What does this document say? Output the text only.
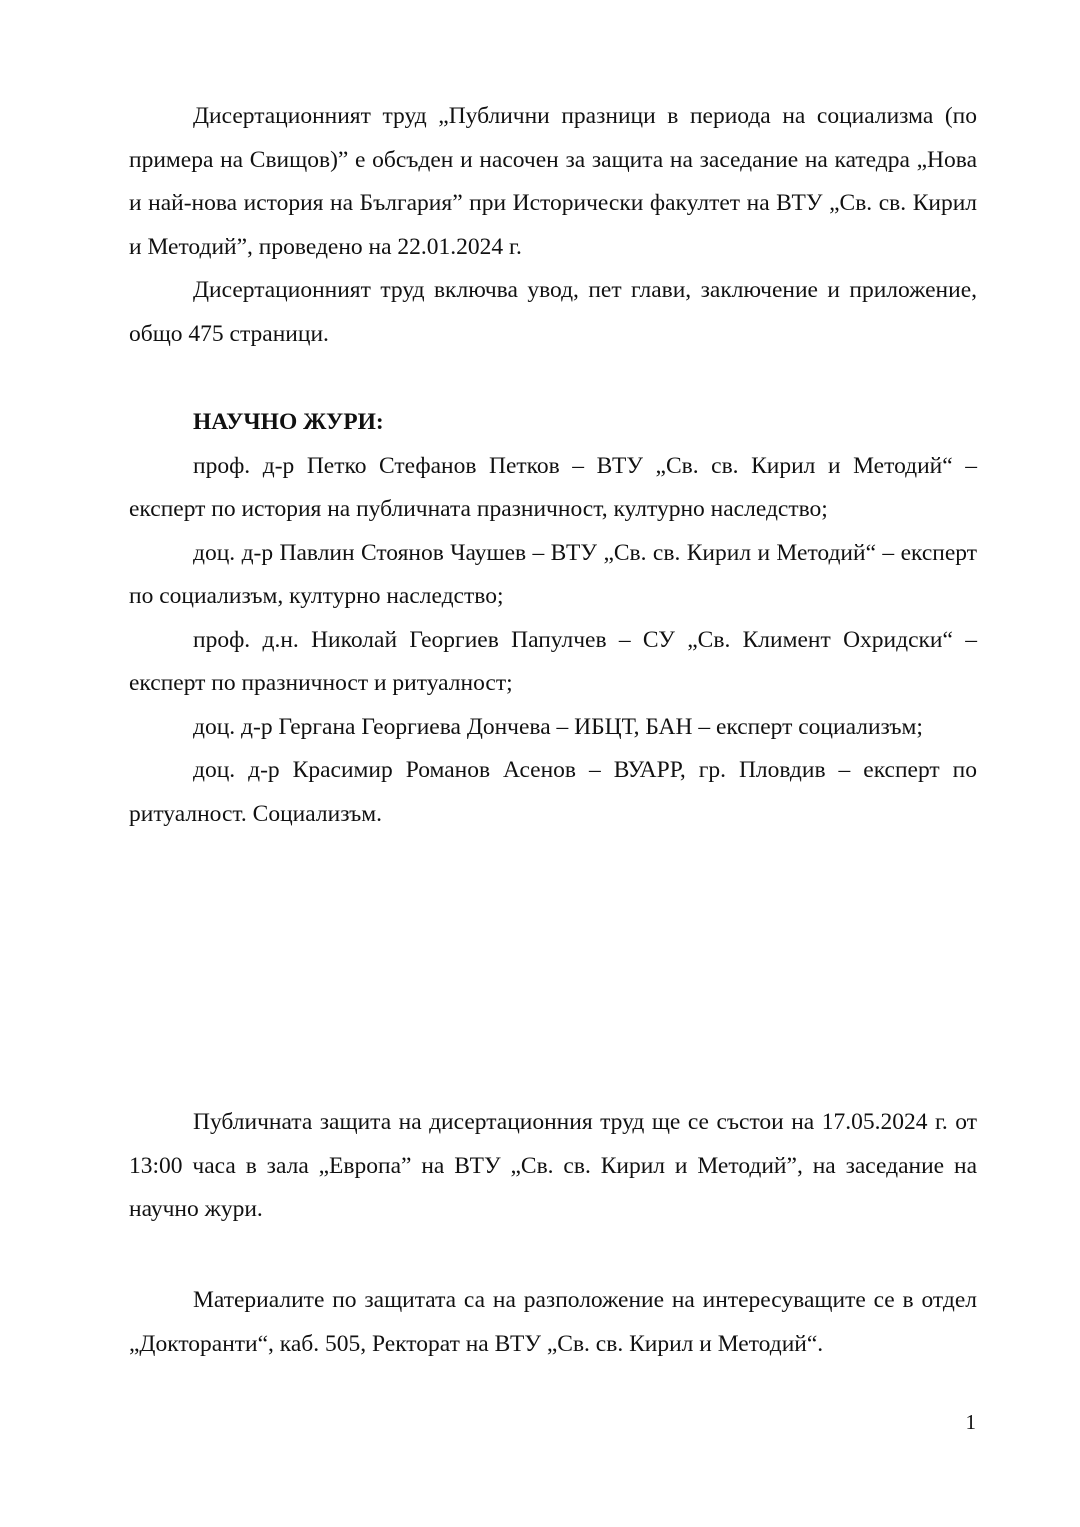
Дисертационният труд „Публични празници в периода на социализма (по примера на Свищов)” е обсъден и насочен за защита на заседание на катедра „Нова и най-нова история на България” при Исторически факултет на ВТУ „Св. св. Кирил и Методий”, проведено на 22.01.2024 г.

Дисертационният труд включва увод, пет глави, заключение и приложение, общо 475 страници.

НАУЧНО ЖУРИ:

проф. д-р Петко Стефанов Петков – ВТУ „Св. св. Кирил и Методий“ – експерт по история на публичната празничност, културно наследство;

доц. д-р Павлин Стоянов Чаушев – ВТУ „Св. св. Кирил и Методий“ – експерт по социализъм, културно наследство;

проф. д.н. Николай Георгиев Папулчев – СУ „Св. Климент Охридски“ – експерт по празничност и ритуалност;

доц. д-р Гергана Георгиева Дончева – ИБЦТ, БАН – експерт социализъм;

доц. д-р Красимир Романов Асенов – ВУАРР, гр. Пловдив – експерт по ритуалност. Социализъм.

Публичната защита на дисертационния труд ще се състои на 17.05.2024 г. от 13:00 часа в зала „Европа” на ВТУ „Св. св. Кирил и Методий”, на заседание на научно жури.

Материалите по защитата са на разположение на интересуващите се в отдел „Докторанти“, каб. 505, Ректорат на ВТУ „Св. св. Кирил и Методий“.

1
